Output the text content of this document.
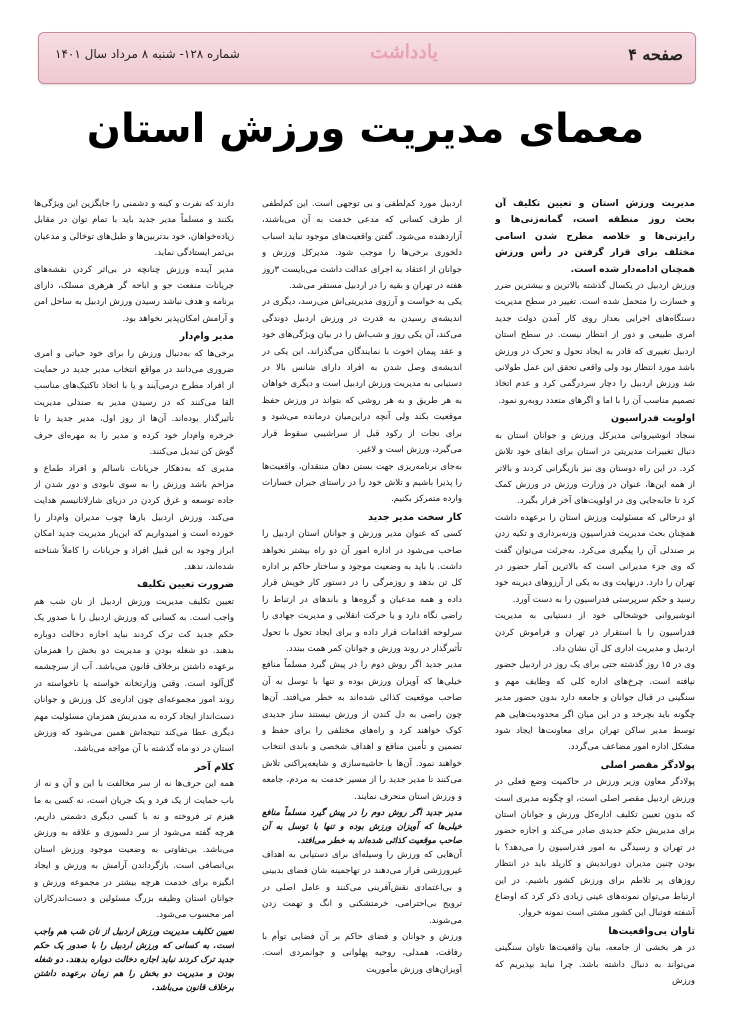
صفحه ۴
یادداشت
شماره ۱۲۸- شنبه ۸ مرداد سال ۱۴۰۱
معمای مدیریت ورزش استان

مدیریت ورزش استان و تعیین تکلیف آن بحث روز منطقه است، گمانه‌زنی‌ها و رایزنی‌ها و خلاصه مطرح شدن اسامی مختلف برای قرار گرفتن در رأس ورزش همچنان ادامه‌دار شده است.

ورزش اردبیل در یکسال گذشته بالاترین و بیشترین ضرر و خسارت را متحمل شده است. تغییر در سطح مدیریت دستگاه‌های اجرایی بعداز روی کار آمدن دولت جدید امری طبیعی و دور از انتظار نیست. در سطح استان اردبیل تغییری که قادر به ایجاد تحول و تحرک در ورزش باشد مورد انتظار بود ولی واقعی تحقق این عمل طولانی شد ورزش اردبیل را دچار سردرگمی کرد و عدم اتخاذ تصمیم مناسب آن را با اما و اگرهای متعدد روبه‌رو نمود.

اولویت فدراسیون

سجاد انوشیروانی مدیرکل ورزش و جوانان استان به دنبال تغییرات مدیریتی در استان برای ابقای خود تلاش کرد. در این راه دوستان وی نیز بازیگرانی کردند و بالاتر از همه این‌ها، عنوان در وزارت ورزش در ورزش کمک کرد تا جابه‌جایی وی در اولویت‌های آخر قرار بگیرد.

او درحالی که مسئولیت ورزش استان را برعهده داشت همچنان بحث مدیریت فدراسیون وزنه‌برداری و تکیه زدن بر صندلی آن را پیگیری می‌کرد. به‌جرئت می‌توان گفت که وی جزء مدیرانی است که بالاترین آمار حضور در تهران را دارد. درنهایت وی به یکی از آرزوهای دیرینه خود رسید و حکم سرپرستی فدراسیون را به دست آورد.

انوشیروانی خوشحالی خود از دستیابی به مدیریت فدراسیون را با استقرار در تهران و فراموش کردن اردبیل و مدیریت اداری کل آن نشان داد.

وی در ۱۵ روز گذشته حتی برای یک روز در اردبیل حضور نیافته است. چرخ‌های اداره کلی که وظایف مهم و سنگینی در قبال جوانان و جامعه دارد بدون حضور مدیر چگونه باید بچرخد و در این میان اگر محدودیت‌هایی هم توسط مدیر ساکن تهران برای معاونت‌ها ایجاد شود مشکل اداره امور مضاعف می‌گردد.

پولادگر مقصر اصلی

پولادگر معاون وزیر ورزش در حاکمیت وضع فعلی در ورزش اردبیل مقصر اصلی است، او چگونه مدیری است که بدون تعیین تکلیف اداره‌کل ورزش و جوانان استان برای مدیریش حکم جدیدی صادر می‌کند و اجازه حضور در تهران و رسیدگی به امور فدراسیون را می‌دهد؟ با بودن چنین مدیران دوراندیش و کارپلد باید در انتظار روزهای پر تلاطم برای ورزش کشور باشیم. در این ارتباط می‌توان نمونه‌های عینی زیادی ذکر کرد که اوضاع آشفته فوتبال این کشور مشتی است نمونه خروار.

تاوان بی‌واقعیت‌ها

در هر بخشی از جامعه، بیان واقعیت‌ها تاوان سنگینی می‌تواند به دنبال داشته باشد. چرا نباید بپذیریم که ورزش

اردبیل مورد کم‌لطفی و بی توجهی است. این کم‌لطفی از طرف کسانی که مدعی خدمت به آن می‌باشند، آزاردهنده می‌شود. گفتن واقعیت‌های موجود نباید اسباب دلخوری برخی‌ها را موجب شود. مدیرکل ورزش و جوانان از اعتقاد به اجرای عدالت داشت می‌بایست ۳روز هفته در تهران و بقیه را در اردبیل مستقر می‌شد.

یکی به خواست و آرزوی مدیریتی‌اش می‌رسد، دیگری در اندیشه‌ی رسیدن به قدرت در ورزش اردبیل دوندگی می‌کند، آن یکی روز و شب‌اش را در بیان ویژگی‌های خود و عقد پیمان اخوت با نمایندگان می‌گذراند، این یکی در اندیشه‌ی وصل شدن به افراد دارای شانس بالا در دستیابی به مدیریت ورزش اردبیل است و دیگری خواهان به هر طریق و به هر روشی که بتواند در ورزش حفظ موقعیت بکند ولی آنچه دراین‌میان درمانده می‌شود و برای نجات از رکود قبل از سراشیبی سقوط قرار می‌گیرد، ورزش است و لاغیر.

به‌جای برنامه‌ریزی جهت بستن دهان منتقدان، واقعیت‌ها را پذیرا باشیم و تلاش خود را در راستای جبران خسارات وارده متمرکز بکنیم.

کار سخت مدیر جدید

کسی که عنوان مدیر ورزش و جوانان استان اردبیل را صاحب می‌شود در اداره امور آن دو راه بیشتر نخواهد داشت. یا باید به وضعیت موجود و ساختار حاکم بر اداره کل تن بدهد و روزمرگی را در دستور کار خویش قرار داده و همه مدعیان و گروه‌ها و باندهای در ارتباط را راضی نگاه دارد و یا حرکت انقلابی و مدیریت جهادی را سرلوحه اقدامات قرار داده و برای ایجاد تحول با تحول تأثیرگذار در روند ورزش و جوانان کمر همت ببندد.

مدیر جدید اگر روش دوم را در پیش گیرد مسلماً منافع خیلی‌ها که آویزان ورزش بوده و تنها با توسل به آن صاحب موقعیت کذائی شده‌اند به خطر می‌افتد. آن‌ها چون راضی به دل کندن از ورزش نیستند ساز جدیدی کوک خواهند کرد و راه‌های مختلفی را برای حفظ و تضمین و تأمین منافع و اهداف شخصی و باندی انتخاب خواهند نمود. آن‌ها با حاشیه‌سازی و شایعه‌پراکنی تلاش می‌کنند تا مدیر جدید را از مسیر خدمت به مردم، جامعه و ورزش استان منحرف نمایند.

مدیر جدید اگر روش دوم را در پیش گیرد مسلماً منافع خیلی‌ها که آویزان ورزش بوده و تنها با توسل به آن صاحب موقعیت کذائی شده‌اند به خطر می‌افتد.

آن‌هایی که ورزش را وسیله‌ای برای دستیابی به اهداف غیرورزشی قرار می‌دهند در تهاجمینه شان فضای بدبینی و بی‌اعتمادی نقش‌آفرینی می‌کنند و عامل اصلی در ترویج بی‌احترامی، خرمتشکنی و انگ و تهمت زدن می‌شوند.

ورزش و جوانان و فضای حاکم بر آن فضایی توأم با رفاقت، همدلی، روحیه پهلوانی و جوانمردی است. آویزان‌های ورزش مأموریت

دارند که نفرت و کینه و دشمنی را جایگزین این ویژگی‌ها بکنند و مسلماً مدیر جدید باید با تمام توان در مقابل زیاده‌خواهان، خود بدتربین‌ها و طبل‌های توخالی و مدعیان بی‌ثمر ایستادگی نماید.

مدیر آینده ورزش چنانچه در بی‌اثر کردن نقشه‌های جریانات منفعت جو و اباحه گر هرهری مسلک، دارای برنامه و هدف نباشد رسیدن ورزش اردبیل به ساحل امن و آرامش امکان‌پذیر نخواهد بود.

مدیر وام‌دار

برخی‌ها که به‌دنبال ورزش را برای خود حیاتی و امری ضروری می‌دانند در مواقع انتخاب مدیر جدید در حمایت از افراد مطرح درمی‌آیند و یا با اتخاذ تاکتیک‌های مناسب القا می‌کنند که در رسیدن مدیر به صندلی مدیریت تأثیرگذار بوده‌اند. آن‌ها از روز اول، مدیر جدید را تا خرخره وام‌دار خود کرده و مدیر را به مهره‌ای حرف گوش کن تبدیل می‌کنند.

مدیری که به‌دهکار جریانات ناسالم و افراد طماع و مزاحم باشد ورزش را به سوی نابودی و دور شدن از جاده توسعه و غرق کردن در دریای شارلاتانیسم هدایت می‌کند. ورزش اردبیل بارها چوب مدیران وام‌دار را خورده است و امیدواریم که این‌بار مدیریت جدید امکان ابراز وجود به این قبیل افراد و جریانات را کاملاً شناخته شده‌اند، ندهد.

ضرورت تعیین تکلیف

تعیین تکلیف مدیریت ورزش اردبیل از نان شب هم واجب است. به کسانی که ورزش اردبیل را با صدور یک حکم جدید کت ترک کردند نباید اجازه دخالت دوباره بدهند. دو شغله بودن و مدیریت دو بخش را همزمان برعهده داشتن برخلاف قانون می‌باشد. آب از سرچشمه گل‌آلود است. وقتی وزارتخانه خواسته یا ناخواسته در روند امور مجموعه‌ای چون اداره‌ی کل ورزش و جوانان دست‌انداز ایجاد کرده به مدیریش همزمان مسئولیت مهم دیگری عطا می‌کند نتیجه‌اش همین می‌شود که ورزش استان در دو ماه گذشته با آن مواجه می‌باشد.

کلام آخر

همه این حرف‌ها نه از سر مخالفت با این و آن و نه از باب حمایت از یک فرد و یک جریان است، نه کسی به ما هیزم تر فروخته و نه با کسی دیگری دشمنی داریم، هرچه گفته می‌شود از سر دلسوزی و علاقه به ورزش می‌باشد. بی‌تفاوتی به وضعیت موجود ورزش استان بی‌انصافی است. بازگرداندن آرامش به ورزش و ایجاد انگیزه برای خدمت هرچه بیشتر در مجموعه ورزش و جوانان استان وظیفه بزرگ مسئولین و دست‌اندرکاران امر محسوب می‌شود.

تعیین تکلیف مدیریت ورزش اردبیل از نان شب هم واجب است. به کسانی که ورزش اردبیل را با صدور یک حکم جدید ترک کردند نباید اجازه دخالت دوباره بدهند. دو شغله بودن و مدیریت دو بخش را هم زمان برعهده داشتن برخلاف قانون می‌باشد.
